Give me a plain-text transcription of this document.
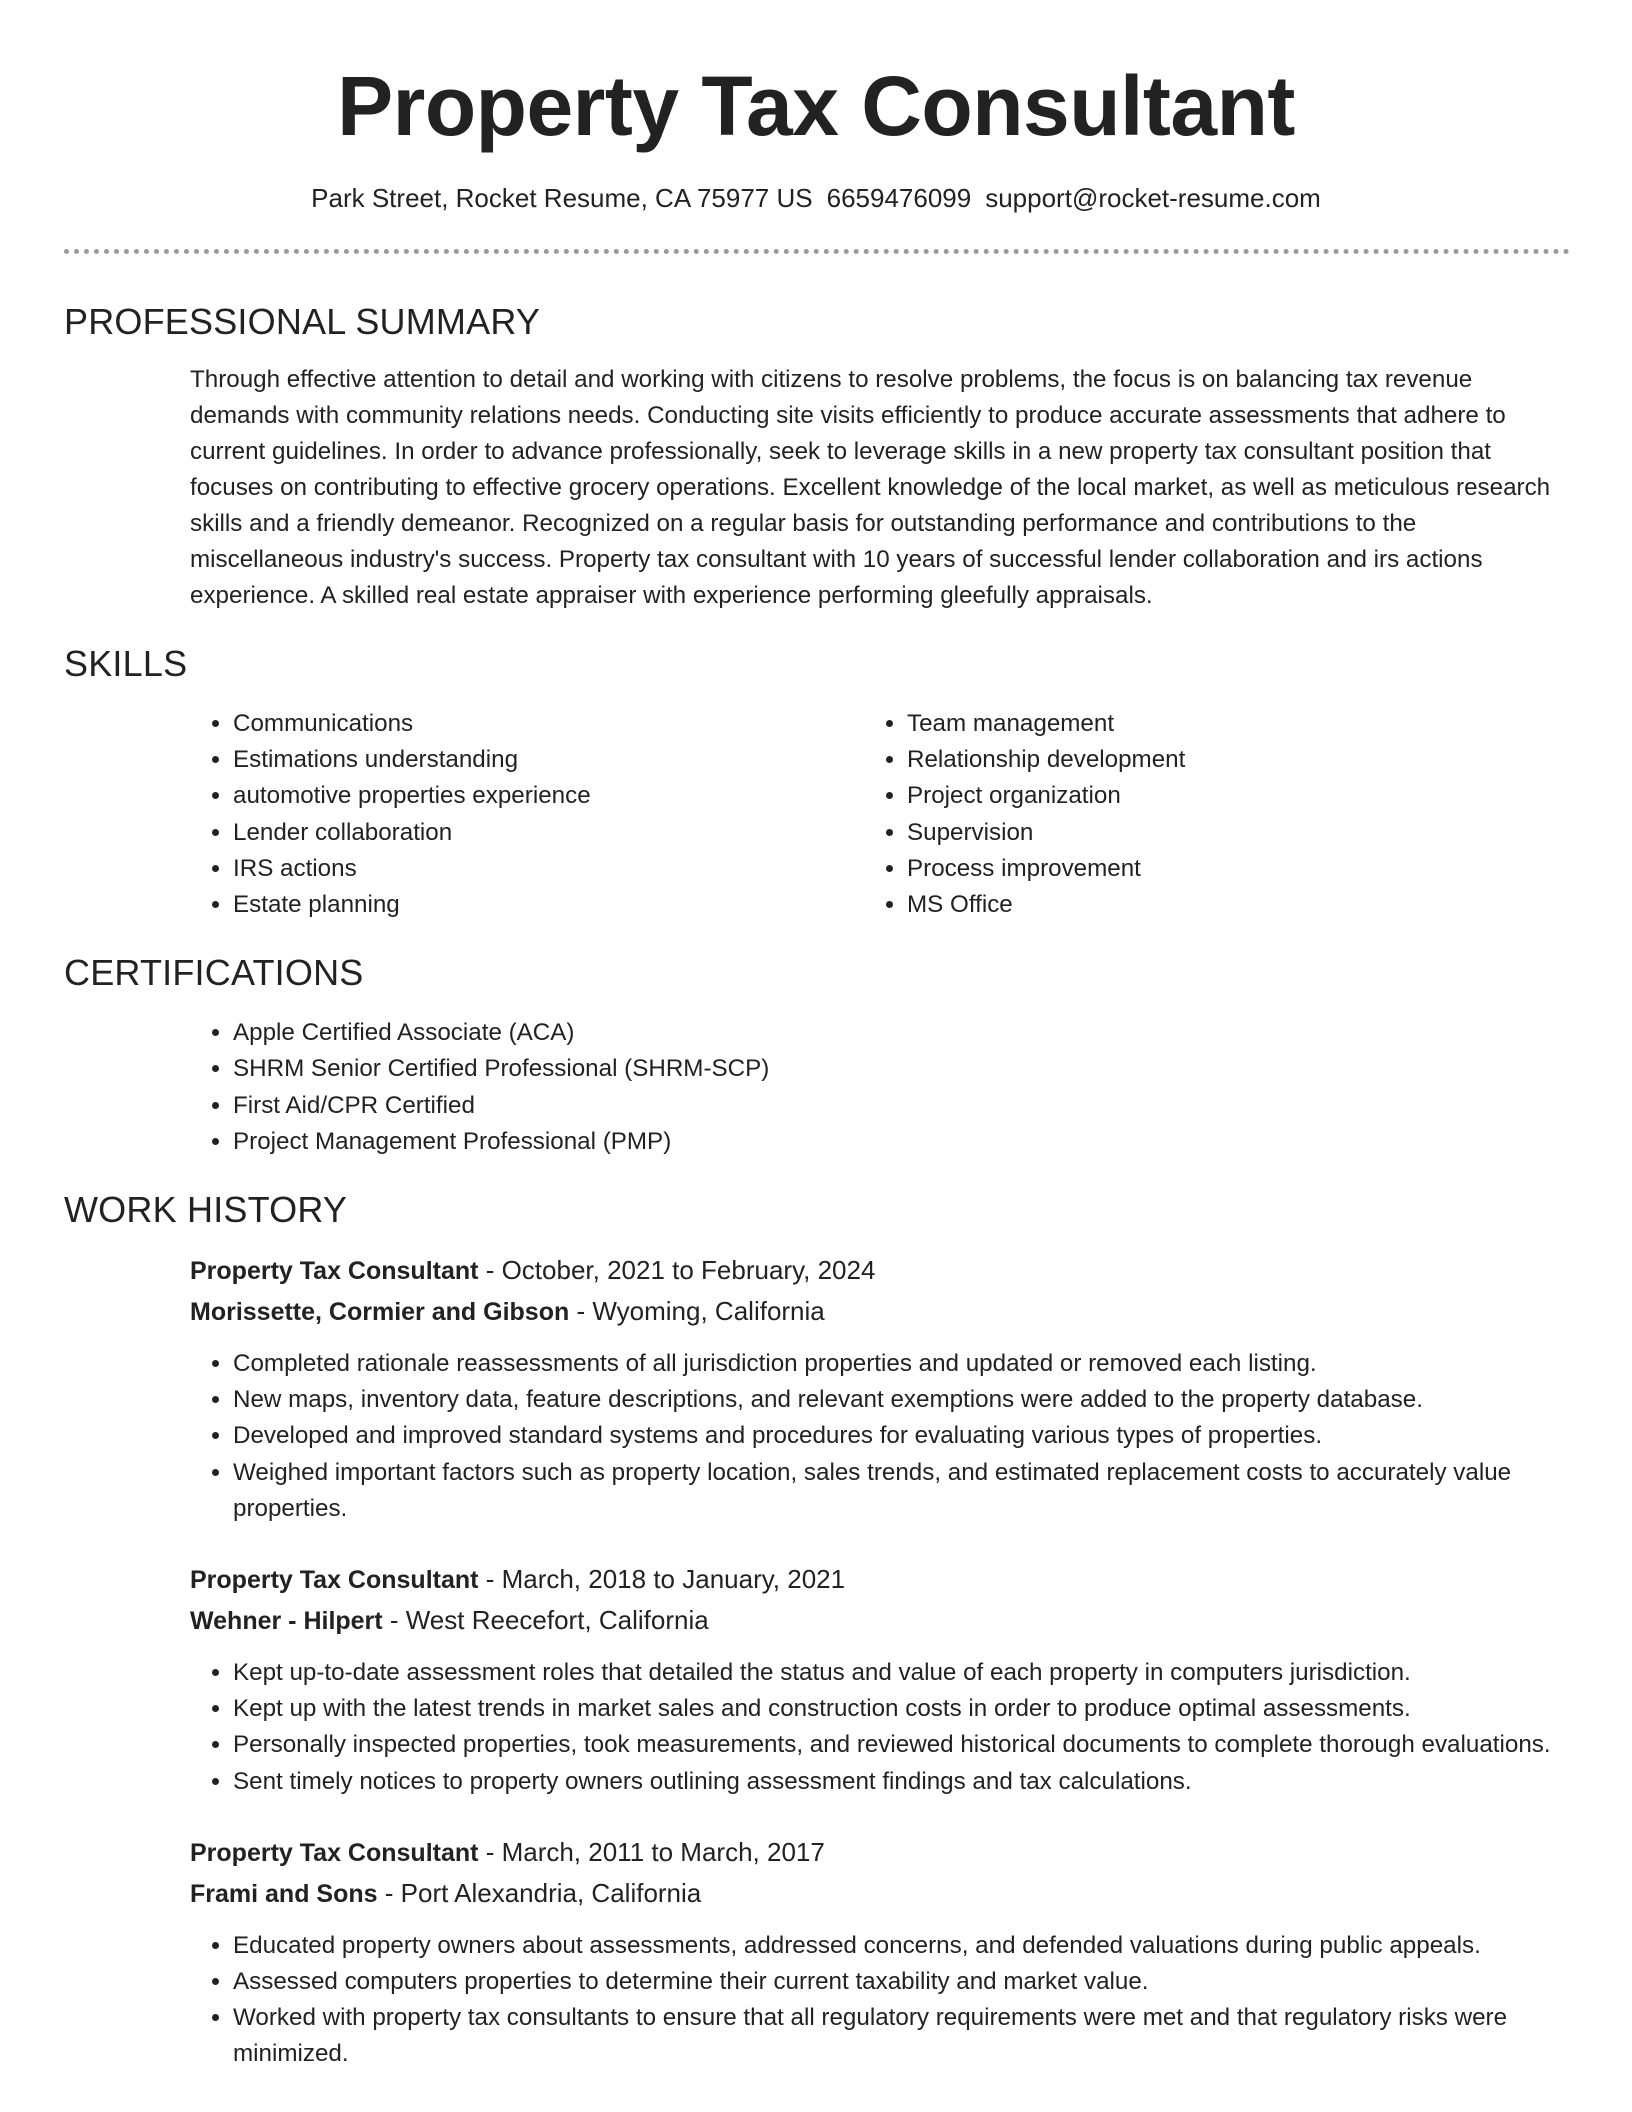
Property Tax Consultant
Park Street, Rocket Resume, CA 75977 US 6659476099 support@rocket-resume.com
PROFESSIONAL SUMMARY

Through effective attention to detail and working with citizens to resolve problems, the focus is on balancing tax revenue demands with community relations needs. Conducting site visits efficiently to produce accurate assessments that adhere to current guidelines. In order to advance professionally, seek to leverage skills in a new property tax consultant position that focuses on contributing to effective grocery operations. Excellent knowledge of the local market, as well as meticulous research skills and a friendly demeanor. Recognized on a regular basis for outstanding performance and contributions to the miscellaneous industry's success. Property tax consultant with 10 years of successful lender collaboration and irs actions experience. A skilled real estate appraiser with experience performing gleefully appraisals.

SKILLS
• Communications
• Estimations understanding
• automotive properties experience
• Lender collaboration
• IRS actions
• Estate planning
• Team management
• Relationship development
• Project organization
• Supervision
• Process improvement
• MS Office
CERTIFICATIONS
• Apple Certified Associate (ACA)
• SHRM Senior Certified Professional (SHRM-SCP)
• First Aid/CPR Certified
• Project Management Professional (PMP)
WORK HISTORY
Property Tax Consultant - October, 2021 to February, 2024
Morissette, Cormier and Gibson - Wyoming, California
• Completed rationale reassessments of all jurisdiction properties and updated or removed each listing.
• New maps, inventory data, feature descriptions, and relevant exemptions were added to the property database.
• Developed and improved standard systems and procedures for evaluating various types of properties.
• Weighed important factors such as property location, sales trends, and estimated replacement costs to accurately value properties.
Property Tax Consultant - March, 2018 to January, 2021
Wehner - Hilpert - West Reecefort, California
• Kept up-to-date assessment roles that detailed the status and value of each property in computers jurisdiction.
• Kept up with the latest trends in market sales and construction costs in order to produce optimal assessments.
• Personally inspected properties, took measurements, and reviewed historical documents to complete thorough evaluations.
• Sent timely notices to property owners outlining assessment findings and tax calculations.
Property Tax Consultant - March, 2011 to March, 2017
Frami and Sons - Port Alexandria, California
• Educated property owners about assessments, addressed concerns, and defended valuations during public appeals.
• Assessed computers properties to determine their current taxability and market value.
• Worked with property tax consultants to ensure that all regulatory requirements were met and that regulatory risks were minimized.
